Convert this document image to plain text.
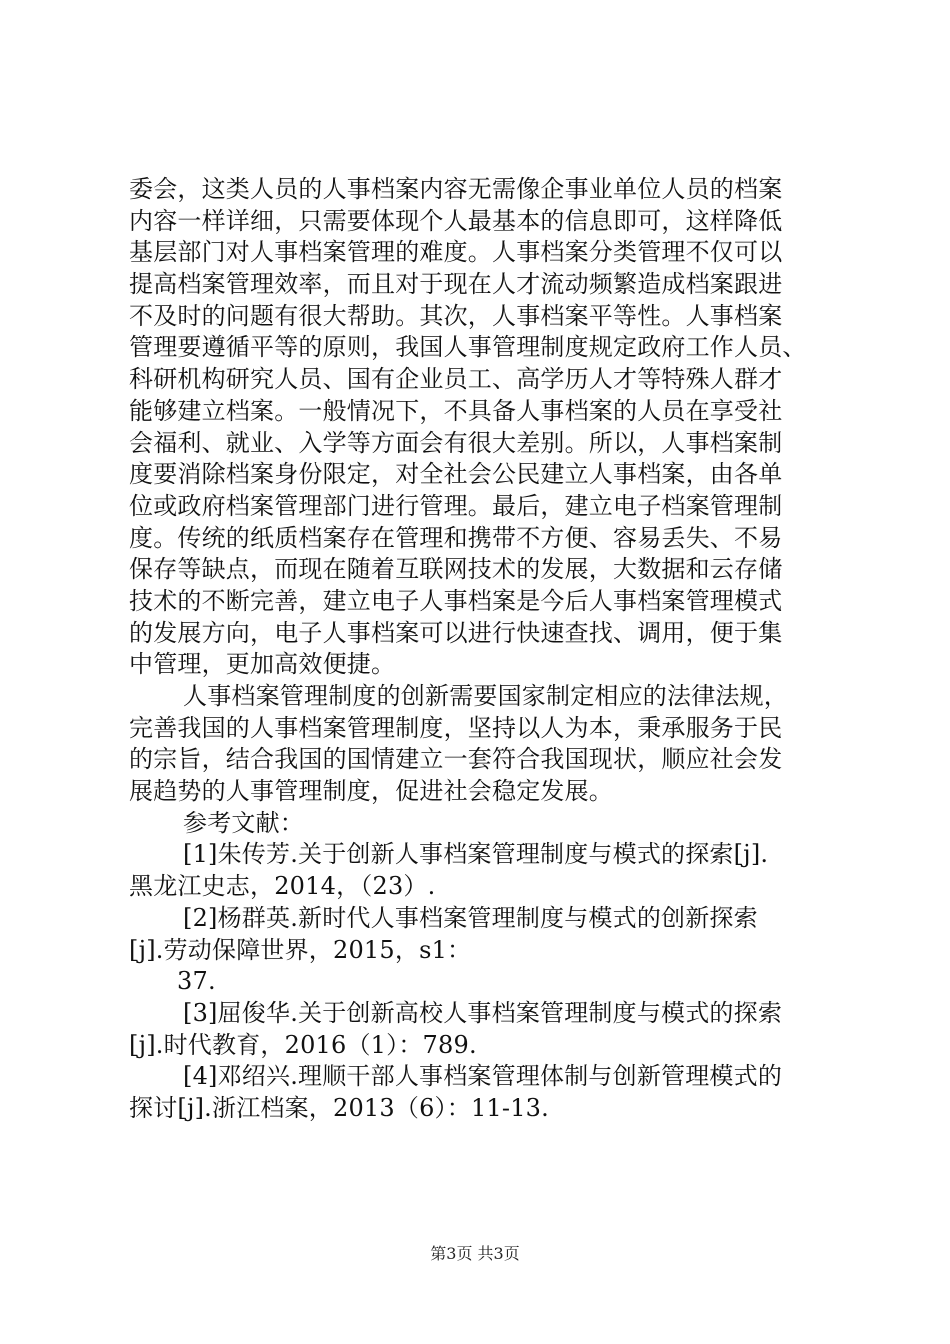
委会，这类人员的人事档案内容无需像企事业单位人员的档案
内容一样详细，只需要体现个人最基本的信息即可，这样降低
基层部门对人事档案管理的难度。人事档案分类管理不仅可以
提高档案管理效率，而且对于现在人才流动频繁造成档案跟进
不及时的问题有很大帮助。其次，人事档案平等性。人事档案
管理要遵循平等的原则，我国人事管理制度规定政府工作人员、
科研机构研究人员、国有企业员工、高学历人才等特殊人群才
能够建立档案。一般情况下，不具备人事档案的人员在享受社
会福利、就业、入学等方面会有很大差别。所以，人事档案制
度要消除档案身份限定，对全社会公民建立人事档案，由各单
位或政府档案管理部门进行管理。最后，建立电子档案管理制
度。传统的纸质档案存在管理和携带不方便、容易丢失、不易
保存等缺点，而现在随着互联网技术的发展，大数据和云存储
技术的不断完善，建立电子人事档案是今后人事档案管理模式
的发展方向，电子人事档案可以进行快速查找、调用，便于集
中管理，更加高效便捷。
人事档案管理制度的创新需要国家制定相应的法律法规，
完善我国的人事档案管理制度，坚持以人为本，秉承服务于民
的宗旨，结合我国的国情建立一套符合我国现状，顺应社会发
展趋势的人事管理制度，促进社会稳定发展。
参考文献：
[1]朱传芳.关于创新人事档案管理制度与模式的探索[j].
黑龙江史志，2014，（23）.
[2]杨群英.新时代人事档案管理制度与模式的创新探索
[j].劳动保障世界，2015，s1：
37.
[3]屈俊华.关于创新高校人事档案管理制度与模式的探索
[j].时代教育，2016（1）：789.
[4]邓绍兴.理顺干部人事档案管理体制与创新管理模式的
探讨[j].浙江档案，2013（6）：11-13.
第3页 共3页
